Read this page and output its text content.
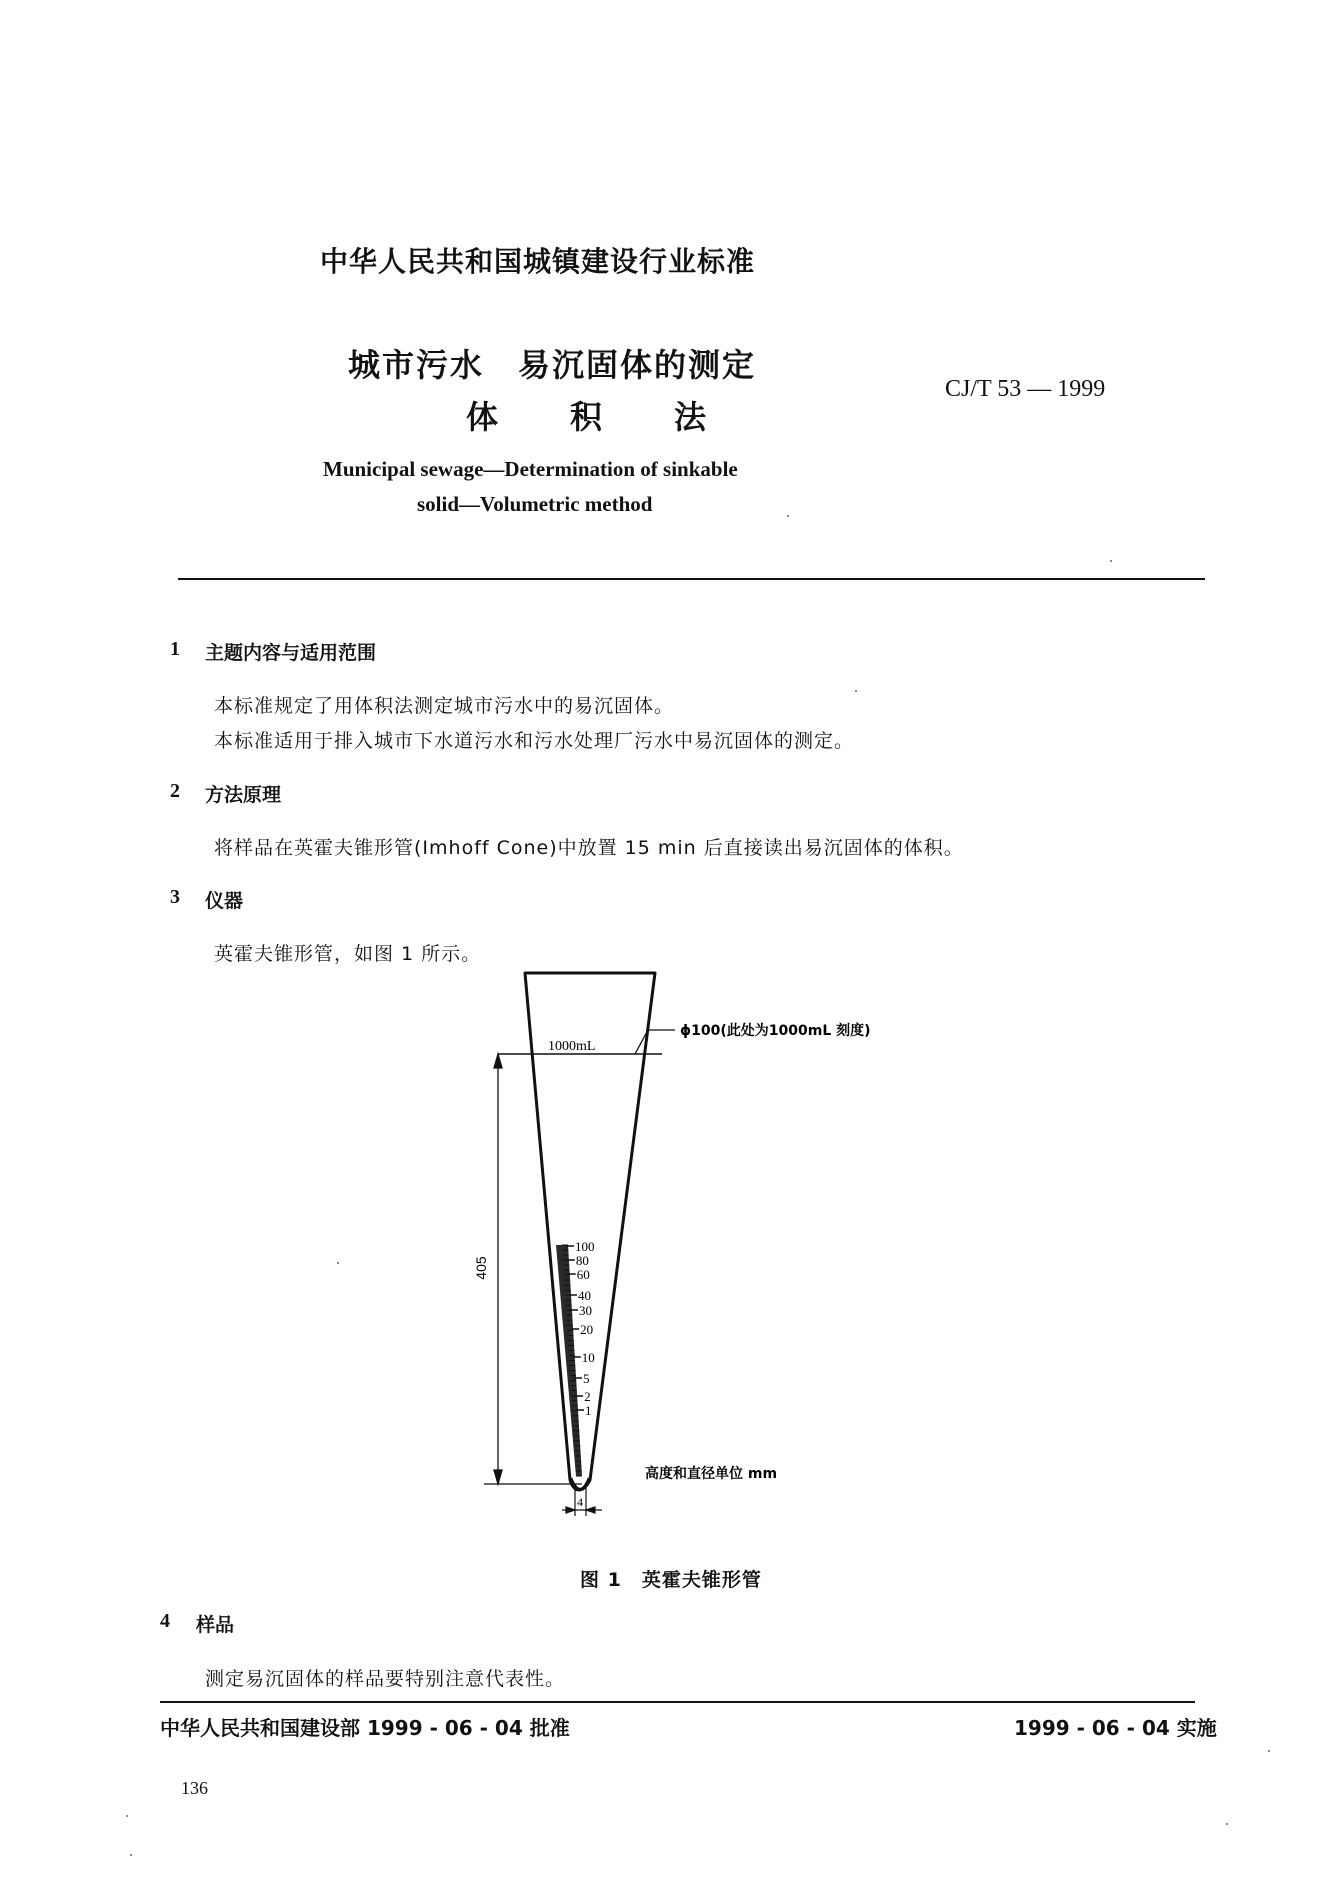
中华人民共和国城镇建设行业标准
城市污水　易沉固体的测定
体　积　法
CJ/T 53 — 1999
Municipal sewage—Determination of sinkable
solid—Volumetric method
1 主题内容与适用范围
本标准规定了用体积法测定城市污水中的易沉固体。
本标准适用于排入城市下水道污水和污水处理厂污水中易沉固体的测定。
2 方法原理
将样品在英霍夫锥形管(Imhoff Cone)中放置 15 min 后直接读出易沉固体的体积。
3 仪器
英霍夫锥形管，如图 1 所示。
1000mL
ϕ100(此处为1000mL 刻度)
405
4
100
80
60
40
30
20
10
5
2
1
高度和直径单位 mm
图 1　英霍夫锥形管
4 样品
测定易沉固体的样品要特别注意代表性。
中华人民共和国建设部 1999 - 06 - 04 批准	1999 - 06 - 04 实施
136
